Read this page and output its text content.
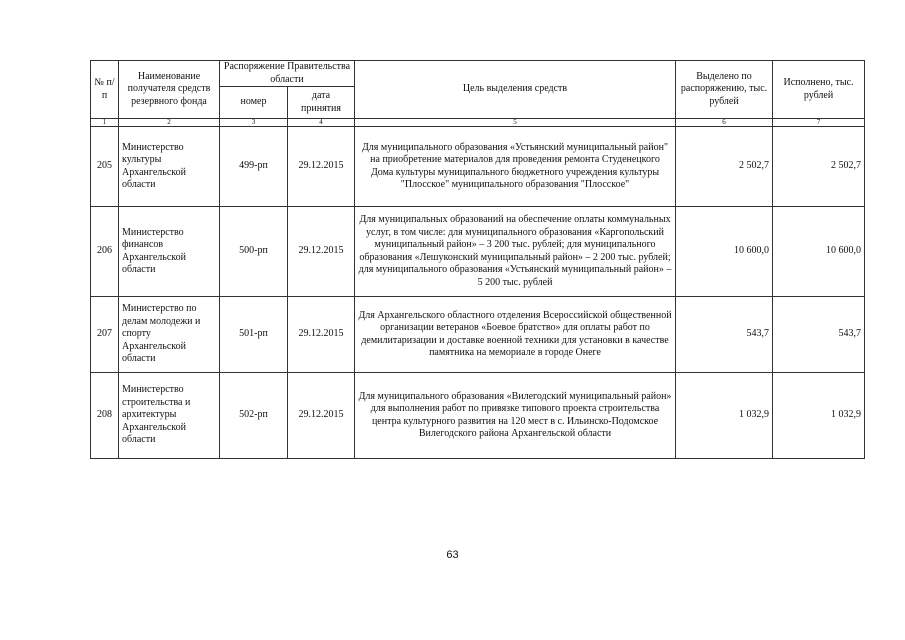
№ п/п	Наименование получателя средств резервного фонда	Распоряжение Правительства области		Цель выделения средств	Выделено по распоряжению, тыс. рублей	Исполнено, тыс. рублей
		номер	дата принятия			
1	2	3	4	5	6	7
205	Министерство культуры Архангельской области	499-рп	29.12.2015	Для муниципального образования «Устьянский муниципальный район" на приобретение материалов для проведения ремонта Студенецкого Дома культуры муниципального бюджетного учреждения культуры "Плосское" муниципального образования "Плосское"	2 502,7	2 502,7
206	Министерство финансов Архангельской области	500-рп	29.12.2015	Для муниципальных образований на обеспечение оплаты коммунальных услуг, в том числе: для муниципального образования «Каргопольский муниципальный район» – 3 200 тыс. рублей; для муниципального образования «Лешуконский муниципальный район» – 2 200 тыс. рублей; для муниципального образования «Устьянский муниципальный район» – 5 200 тыс. рублей	10 600,0	10 600,0
207	Министерство по делам молодежи и спорту Архангельской области	501-рп	29.12.2015	Для Архангельского областного отделения Всероссийской общественной организации ветеранов «Боевое братство» для оплаты работ по демилитаризации и доставке военной техники для установки в качестве памятника на мемориале в городе Онеге	543,7	543,7
208	Министерство строительства и архитектуры Архангельской области	502-рп	29.12.2015	Для муниципального образования «Вилегодский муниципальный район» для выполнения работ по привязке типового проекта строительства центра культурного развития на 120 мест в с. Ильинско-Подомское Вилегодского района Архангельской области	1 032,9	1 032,9
63
